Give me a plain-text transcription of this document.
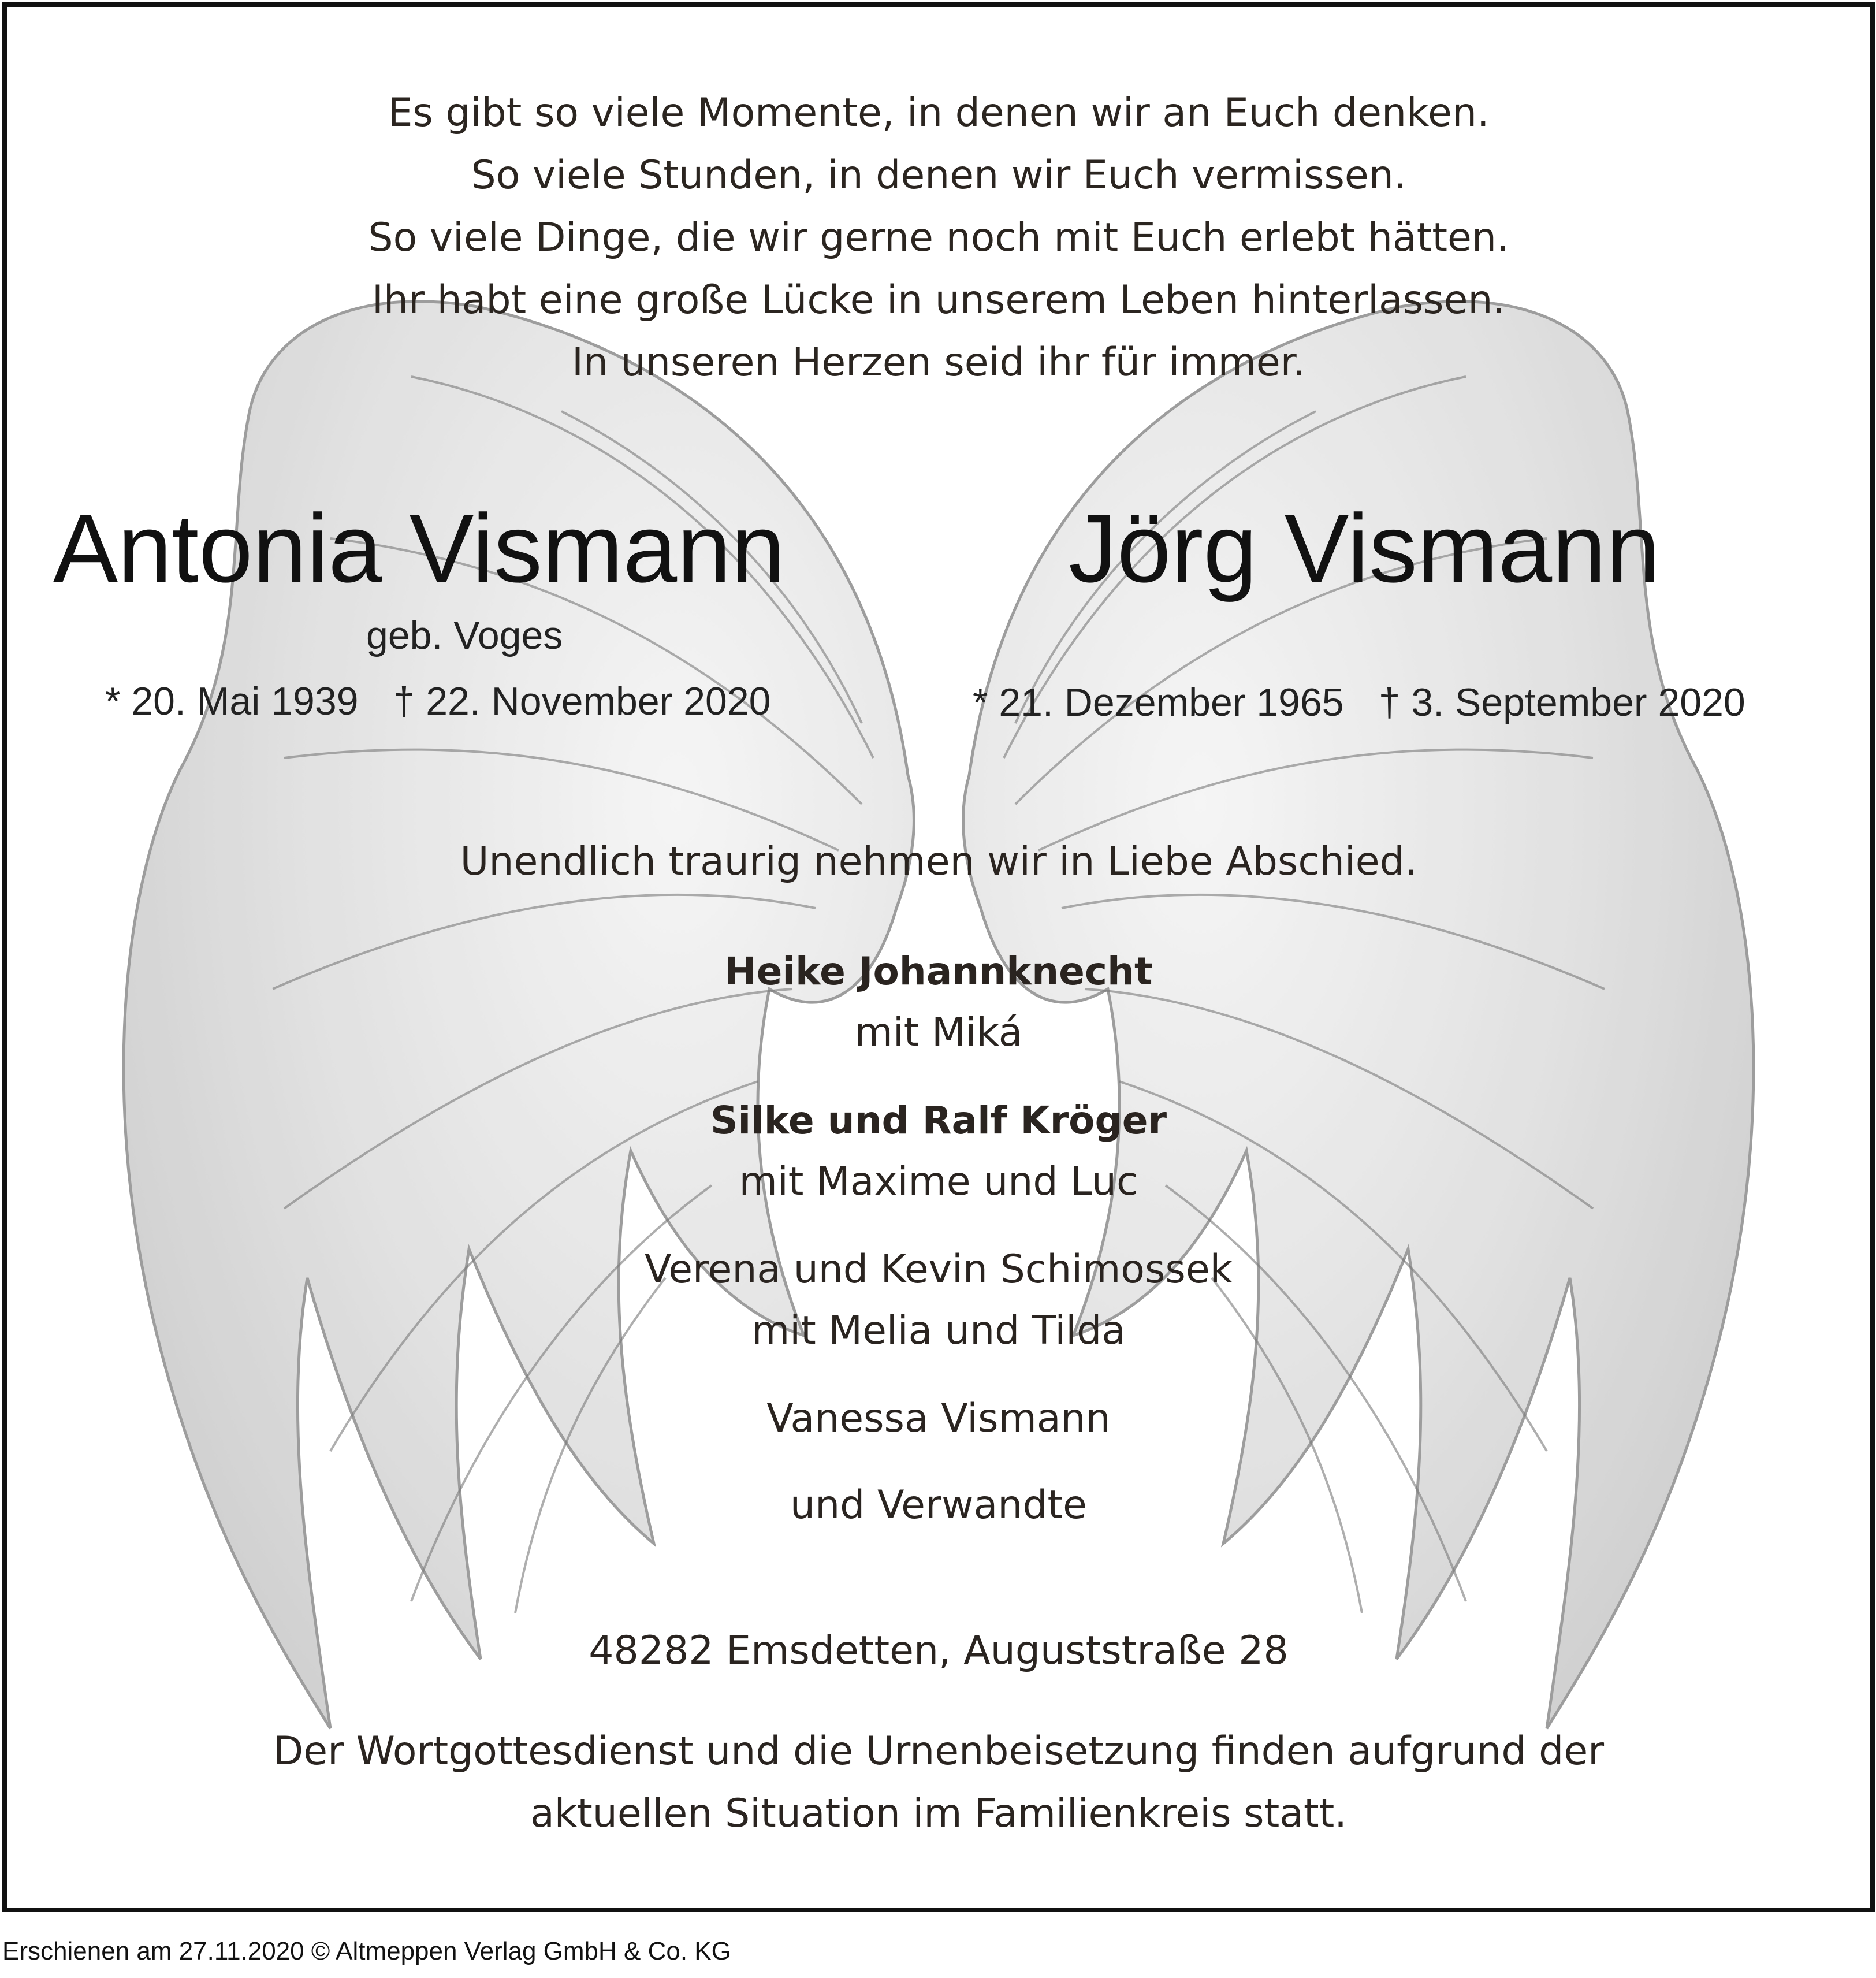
Es gibt so viele Momente, in denen wir an Euch denken.
So viele Stunden, in denen wir Euch vermissen.
So viele Dinge, die wir gerne noch mit Euch erlebt hätten.
Ihr habt eine große Lücke in unserem Leben hinterlassen.
In unseren Herzen seid ihr für immer.

Antonia Vismann	Jörg Vismann

geb. Voges

* 20. Mai 1939 † 22. November 2020	* 21. Dezember 1965 † 3. September 2020

Unendlich traurig nehmen wir in Liebe Abschied.

Heike Johannknecht

mit Miká

Silke und Ralf Kröger

mit Maxime und Luc

Verena und Kevin Schimossek

mit Melia und Tilda

Vanessa Vismann

und Verwandte

48282 Emsdetten, Auguststraße 28

Der Wortgottesdienst und die Urnenbeisetzung finden aufgrund der
aktuellen Situation im Familienkreis statt.

Erschienen am 27.11.2020 © Altmeppen Verlag GmbH & Co. KG
